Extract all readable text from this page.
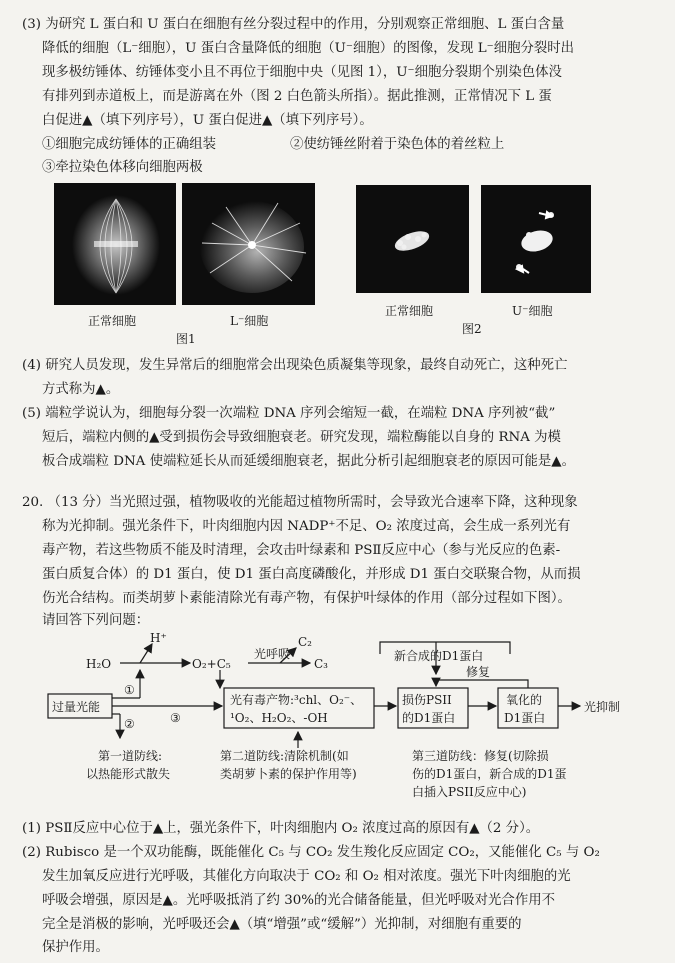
(3) 为研究 L 蛋白和 U 蛋白在细胞有丝分裂过程中的作用，分别观察正常细胞、L 蛋白含量
降低的细胞（L⁻细胞），U 蛋白含量降低的细胞（U⁻细胞）的图像，发现 L⁻细胞分裂时出
现多极纺锤体、纺锤体变小且不再位于细胞中央（见图 1），U⁻细胞分裂期个别染色体没
有排列到赤道板上，而是游离在外（图 2 白色箭头所指）。据此推测，正常情况下 L 蛋
白促进▲（填下列序号），U 蛋白促进▲（填下列序号）。
①细胞完成纺锤体的正确组装	②使纺锤丝附着于染色体的着丝粒上
③牵拉染色体移向细胞两极
正常细胞	L⁻细胞
图1
正常细胞	U⁻细胞
图2
(4) 研究人员发现，发生异常后的细胞常会出现染色质凝集等现象，最终自动死亡，这种死亡
方式称为▲。
(5) 端粒学说认为，细胞每分裂一次端粒 DNA 序列会缩短一截，在端粒 DNA 序列被“截”
短后，端粒内侧的▲受到损伤会导致细胞衰老。研究发现，端粒酶能以自身的 RNA 为模
板合成端粒 DNA 使端粒延长从而延缓细胞衰老，据此分析引起细胞衰老的原因可能是▲。
20. （13 分）当光照过强，植物吸收的光能超过植物所需时，会导致光合速率下降，这种现象
称为光抑制。强光条件下，叶肉细胞内因 NADP⁺不足、O₂ 浓度过高，会生成一系列光有
毒产物，若这些物质不能及时清理，会攻击叶绿素和 PSⅡ反应中心（参与光反应的色素-
蛋白质复合体）的 D1 蛋白，使 D1 蛋白高度磷酸化，并形成 D1 蛋白交联聚合物，从而损
伤光合结构。而类胡萝卜素能清除光有毒产物，有保护叶绿体的作用（部分过程如下图）。
请回答下列问题：
H₂O
H⁺
O₂+C₅
光呼吸
C₂
C₃
新合成的D1蛋白
过量光能
①
②	③
光有毒产物:³chl、O₂⁻、
¹O₂、H₂O₂、-OH
损伤PSII
的D1蛋白
修复
氧化的
D1蛋白
光抑制
第一道防线:
以热能形式散失
第二道防线:清除机制(如
类胡萝卜素的保护作用等)
第三道防线：修复(切除损
伤的D1蛋白，新合成的D1蛋
白插入PSII反应中心)
(1) PSⅡ反应中心位于▲上，强光条件下，叶肉细胞内 O₂ 浓度过高的原因有▲（2 分）。
(2) Rubisco 是一个双功能酶，既能催化 C₅ 与 CO₂ 发生羧化反应固定 CO₂，又能催化 C₅ 与 O₂
发生加氧反应进行光呼吸，其催化方向取决于 CO₂ 和 O₂ 相对浓度。强光下叶肉细胞的光
呼吸会增强，原因是▲。光呼吸抵消了约 30%的光合储备能量，但光呼吸对光合作用不
完全是消极的影响，光呼吸还会▲（填“增强”或“缓解”）光抑制，对细胞有重要的
保护作用。
